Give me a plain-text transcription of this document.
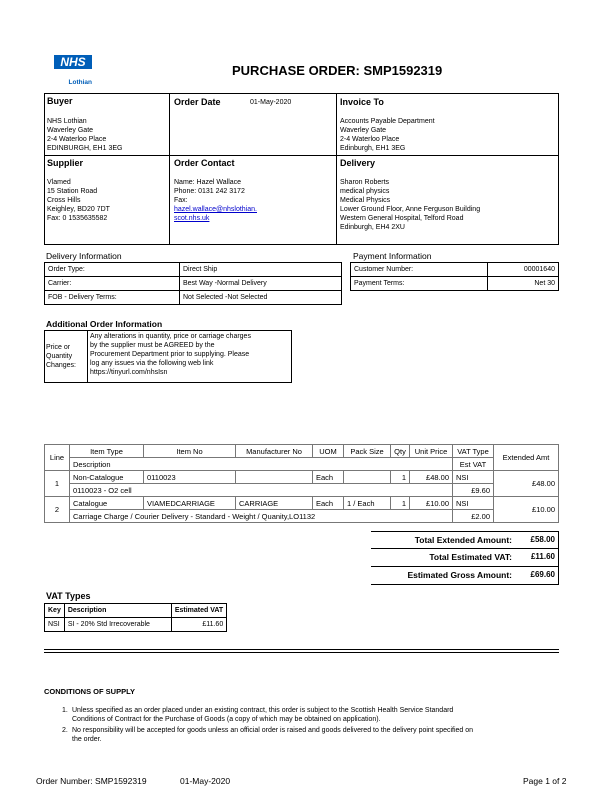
NHS
Lothian
PURCHASE ORDER: SMP1592319
Buyer
NHS Lothian
Waverley Gate
2-4 Waterloo Place
EDINBURGH, EH1 3EG
Order Date	01-May-2020	Invoice To
Accounts Payable Department
Waverley Gate
2-4 Waterloo Place
Edinburgh, EH1 3EG
Supplier
Vlamed
15 Station Road
Cross Hills
Keighley, BD20 7DT
Fax: 0 1535635582
Order Contact
Name: Hazel Wallace
Phone: 0131 242 3172
Fax:
hazel.wallace@nhslothian.
scot.nhs.uk
Delivery
Sharon Roberts
medical physics
Medical Physics
Lower Ground Floor, Anne Ferguson Building
Western General Hospital, Telford Road
Edinburgh, EH4 2XU
Delivery Information
Order Type:	Direct Ship
Carrier:	Best Way -Normal Delivery
FOB - Delivery Terms:	Not Selected -Not Selected
Payment Information
Customer Number:	00001640
Payment Terms:	Net 30
Additional Order Information
Price or
Quantity
Changes:
Any alterations in quantity, price or carriage charges
by the supplier must be AGREED by the
Procurement Department prior to supplying. Please
log any issues via the following web link
https://tinyurl.com/nhsIsn
Line	Item Type	Item No	Manufacturer No	UOM	Pack Size	Qty	Unit Price	VAT Type	Extended Amt
	Description							Est VAT	
1	Non-Catalogue	0110023		Each		1	£48.00	NSI	£48.00
	0110023 - O2 cell							£9.60	
2	Catalogue	VIAMEDCARRIAGE	CARRIAGE	Each	1 / Each	1	£10.00	NSI	£10.00
	Carriage Charge / Courier Delivery - Standard - Weight / Quanity,LO1132							£2.00	
Total Extended Amount: £58.00
Total Estimated VAT: £11.60
Estimated Gross Amount: £69.60
VAT Types
Key	Description	Estimated VAT
NSI	SI - 20% Std Irrecoverable	£11.60
CONDITIONS OF SUPPLY
1. Unless specified as an order placed under an existing contract, this order is subject to the Scottish Health Service Standard
Conditions of Contract for the Purchase of Goods (a copy of which may be obtained on application).
2. No responsibility will be accepted for goods unless an official order is raised and goods delivered to the delivery point specified on
the order.
Order Number: SMP1592319	01-May-2020	Page 1 of 2
